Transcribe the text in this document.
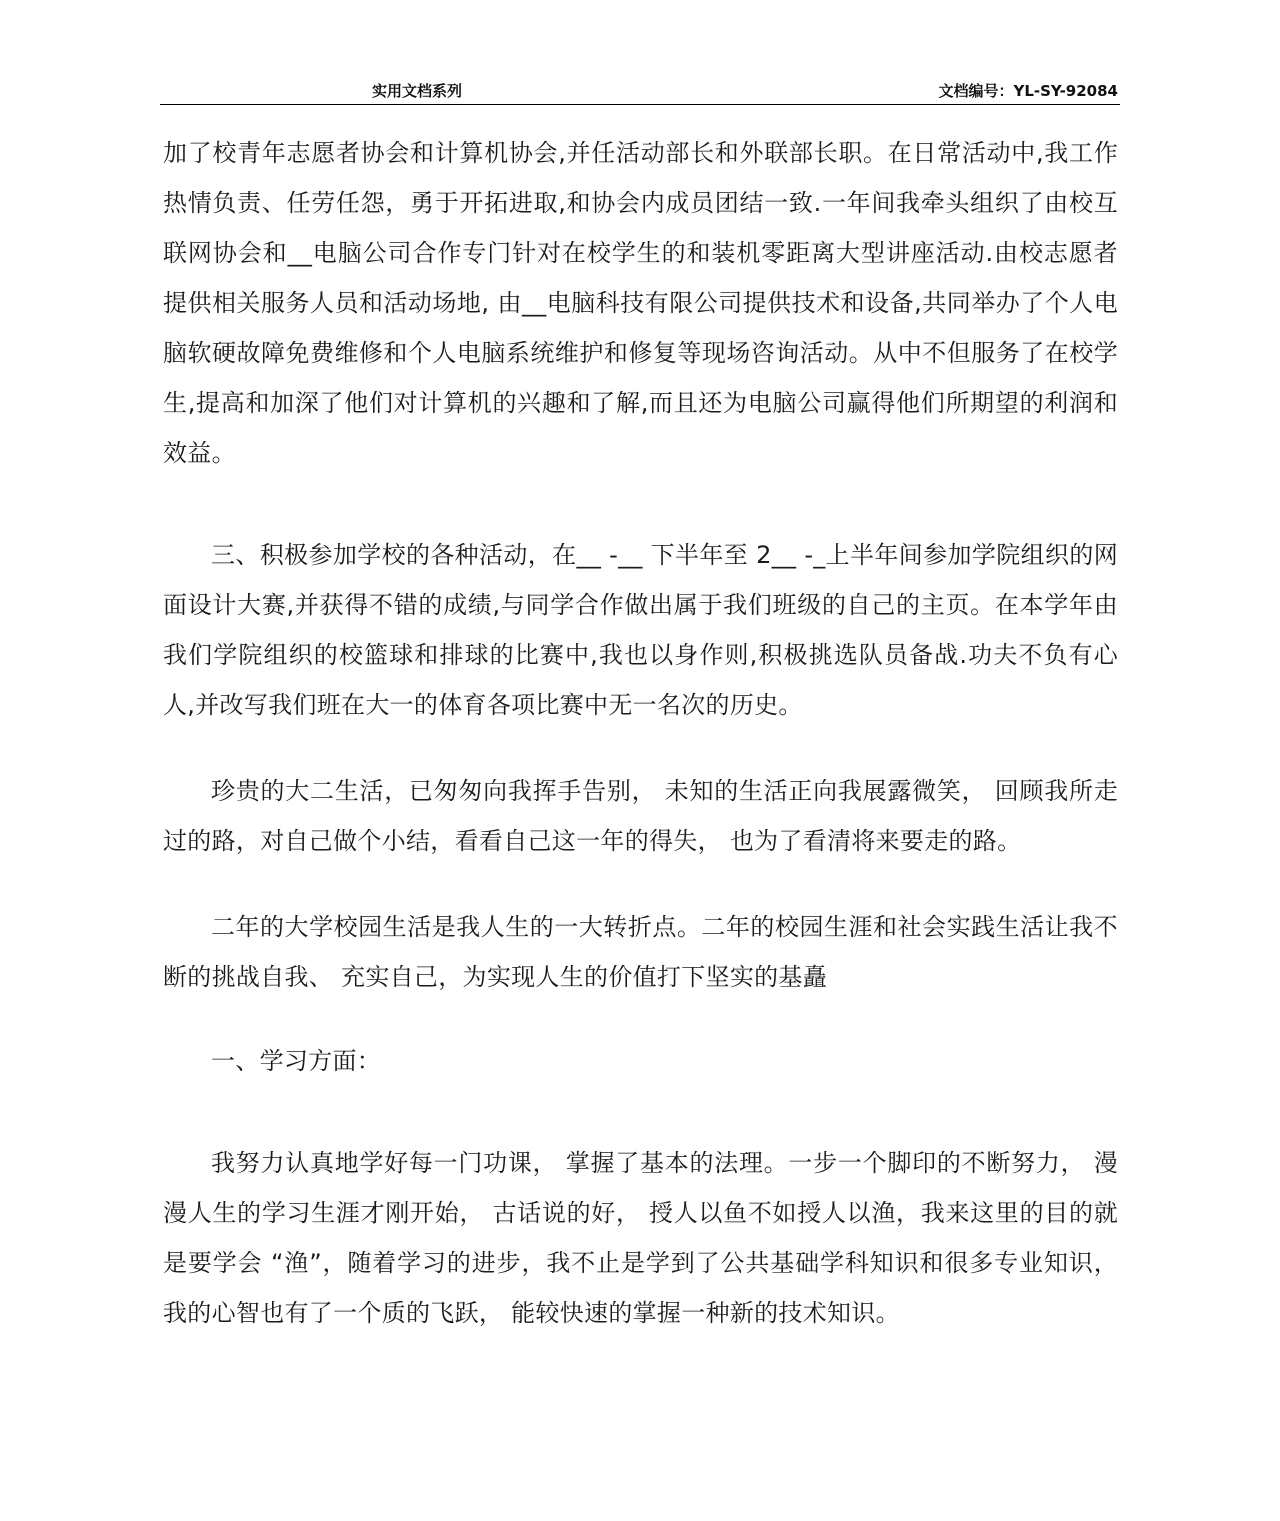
实用文档系列	文档编号：YL-SY-92084

加了校青年志愿者协会和计算机协会,并任活动部长和外联部长职。在日常活动中,我工作热情负责、任劳任怨，勇于开拓进取,和协会内成员团结一致.一年间我牵头组织了由校互联网协会和__电脑公司合作专门针对在校学生的和装机零距离大型讲座活动.由校志愿者提供相关服务人员和活动场地, 由__电脑科技有限公司提供技术和设备,共同举办了个人电脑软硬故障免费维修和个人电脑系统维护和修复等现场咨询活动。从中不但服务了在校学生,提高和加深了他们对计算机的兴趣和了解,而且还为电脑公司赢得他们所期望的利润和效益。

三、积极参加学校的各种活动，在__ -__ 下半年至 2__ -_上半年间参加学院组织的网面设计大赛,并获得不错的成绩,与同学合作做出属于我们班级的自己的主页。在本学年由我们学院组织的校篮球和排球的比赛中,我也以身作则,积极挑选队员备战.功夫不负有心人,并改写我们班在大一的体育各项比赛中无一名次的历史。

珍贵的大二生活，已匆匆向我挥手告别， 未知的生活正向我展露微笑， 回顾我所走过的路，对自己做个小结，看看自己这一年的得失， 也为了看清将来要走的路。

二年的大学校园生活是我人生的一大转折点。二年的校园生涯和社会实践生活让我不断的挑战自我、 充实自己，为实现人生的价值打下坚实的基矗

一、学习方面：

我努力认真地学好每一门功课， 掌握了基本的法理。一步一个脚印的不断努力， 漫漫人生的学习生涯才刚开始， 古话说的好， 授人以鱼不如授人以渔，我来这里的目的就是要学会 “渔”，随着学习的进步，我不止是学到了公共基础学科知识和很多专业知识，我的心智也有了一个质的飞跃， 能较快速的掌握一种新的技术知识。
